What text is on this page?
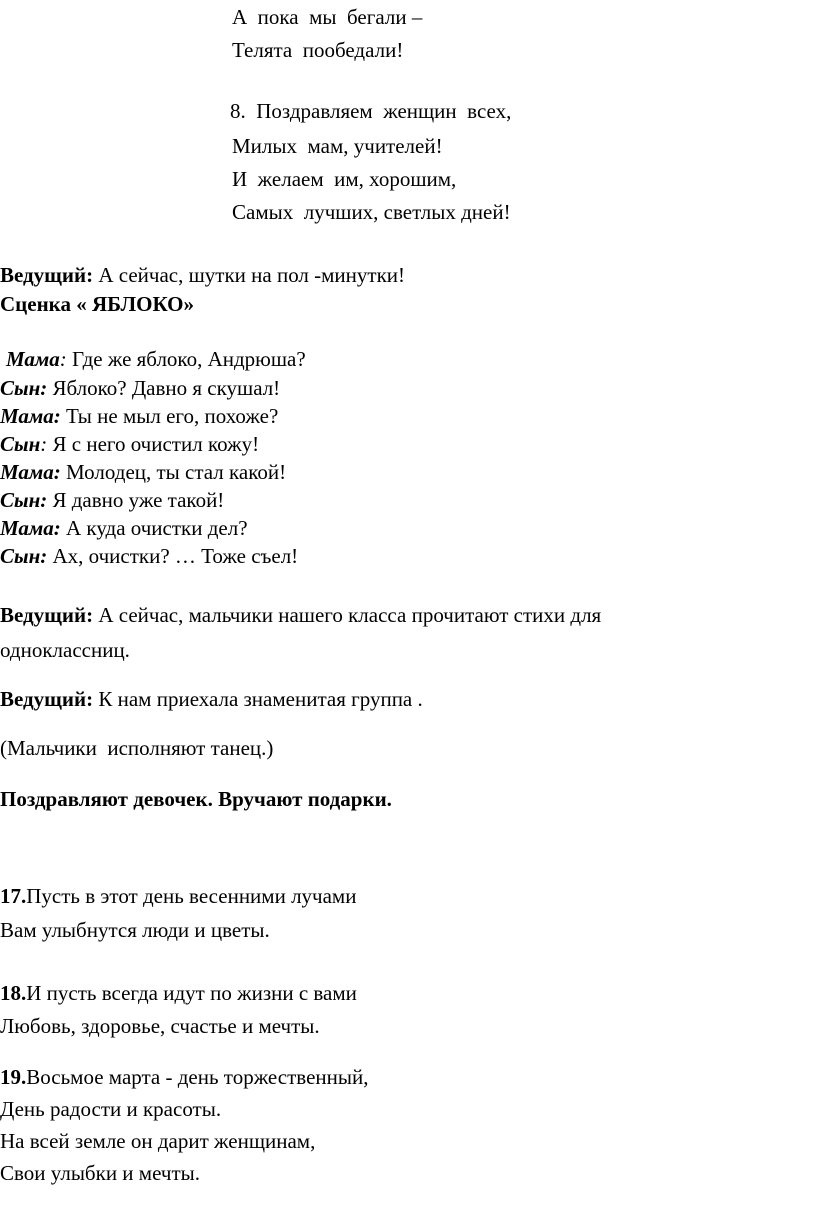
А  пока  мы  бегали –
Телята  пообедали!
8. Поздравляем  женщин  всех,
Милых  мам, учителей!
И  желаем  им, хорошим,
Самых  лучших, светлых дней!
Ведущий: А сейчас, шутки на пол -минутки!
Сценка « ЯБЛОКО»
Мама: Где же яблоко, Андрюша?
Сын: Яблоко? Давно я скушал!
Мама: Ты не мыл его, похоже?
Сын: Я с него очистил кожу!
Мама: Молодец, ты стал какой!
Сын: Я давно уже такой!
Мама: А куда очистки дел?
Сын: Ах, очистки? … Тоже съел!
Ведущий: А сейчас, мальчики нашего класса прочитают стихи для
одноклассниц.
Ведущий: К нам приехала знаменитая группа .
(Мальчики  исполняют танец.)
Поздравляют девочек. Вручают подарки.
17.Пусть в этот день весенними лучами
Вам улыбнутся люди и цветы.
18.И пусть всегда идут по жизни с вами
Любовь, здоровье, счастье и мечты.
19.Восьмое марта - день торжественный,
День радости и красоты.
На всей земле он дарит женщинам,
Свои улыбки и мечты.
